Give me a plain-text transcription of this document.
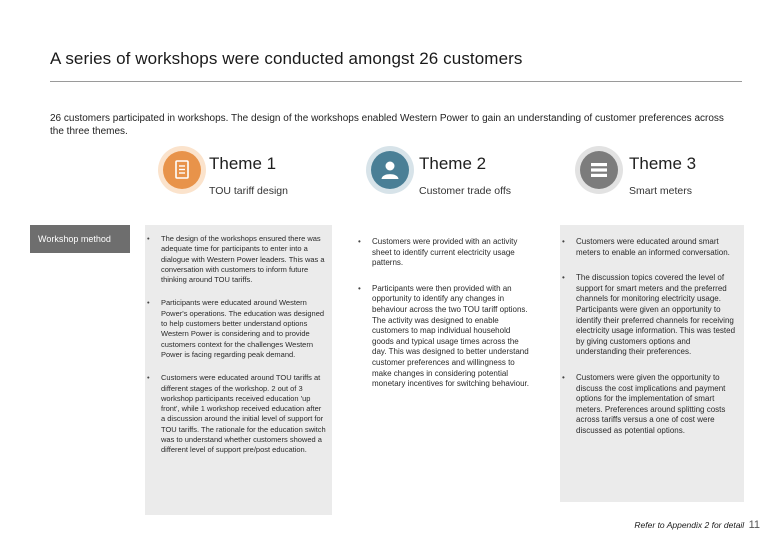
A series of workshops were conducted amongst 26 customers
26 customers participated in workshops. The design of the workshops enabled Western Power to gain an understanding of customer preferences across the three themes.
Theme 1
TOU tariff design
Theme 2
Customer trade offs
Theme 3
Smart meters
Workshop method
•	The design of the workshops ensured there was adequate time for participants to enter into a dialogue with Western Power leaders. This was a conversation with customers to inform future thinking around TOU tariffs.
• Participants were educated around Western Power's operations. The education was designed to help customers better understand options Western Power is considering and to provide customers context for the challenges Western Power is facing regarding peak demand.
• Customers were educated around TOU tariffs at different stages of the workshop. 2 out of 3 workshop participants received education 'up front', while 1 workshop received education after a discussion around the initial level of support for TOU tariffs. The rationale for the education switch was to understand whether customers showed a different level of support pre/post education.
• Customers were provided with an activity sheet to identify current electricity usage patterns.
• Participants were then provided with an opportunity to identify any changes in behaviour across the two TOU tariff options. The activity was designed to enable customers to map individual household goods and typical usage times across the day. This was designed to better understand customer preferences and willingness to make changes in considering potential monetary incentives for switching behaviour.
• Customers were educated around smart meters to enable an informed conversation.
• The discussion topics covered the level of support for smart meters and the preferred channels for monitoring electricity usage. Participants were given an opportunity to identify their preferred channels for receiving electricity usage information. This was tested by giving customers options and understanding their preferences.
• Customers were given the opportunity to discuss the cost implications and payment options for the implementation of smart meters. Preferences around splitting costs across tariffs versus a one of cost were discussed as potential options.
Refer to Appendix 2 for detail 11
